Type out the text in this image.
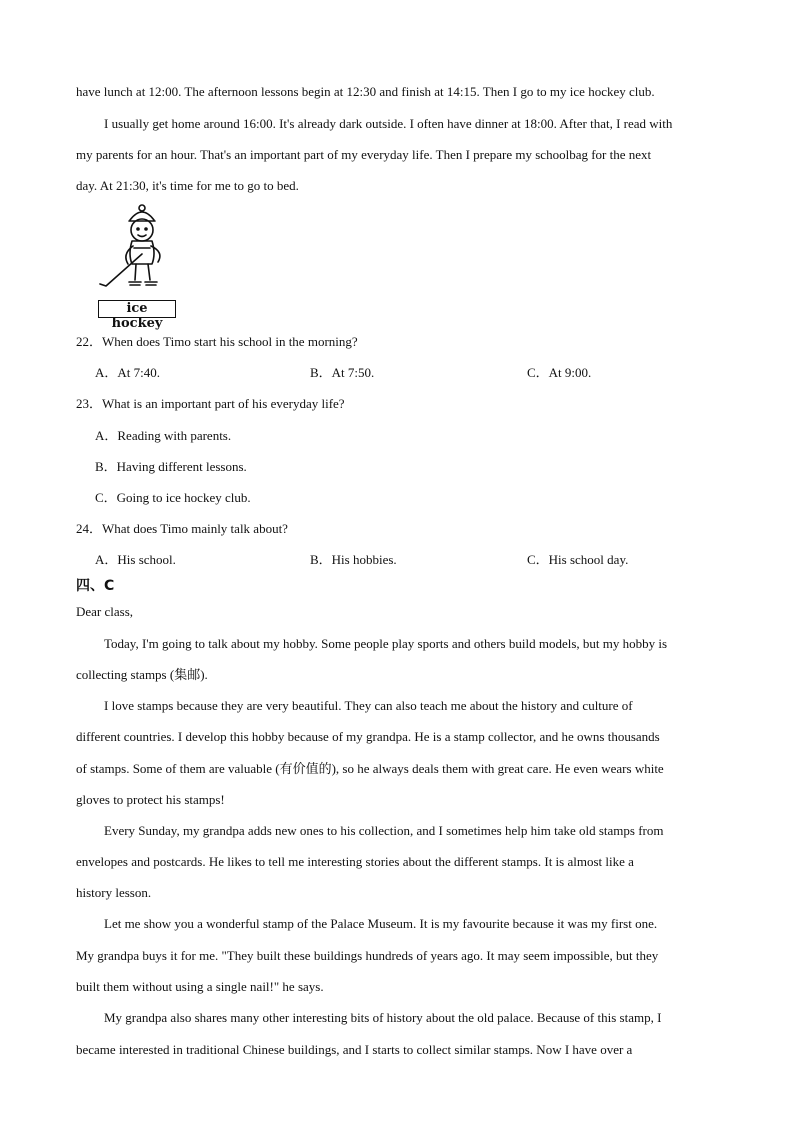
have lunch at 12:00. The afternoon lessons begin at 12:30 and finish at 14:15. Then I go to my ice hockey club.
I usually get home around 16:00. It's already dark outside. I often have dinner at 18:00. After that, I read with
my parents for an hour. That's an important part of my everyday life. Then I prepare my schoolbag for the next
day. At 21:30, it's time for me to go to bed.
ice hockey
22．When does Timo start his school in the morning?
A．At 7:40.	B．At 7:50.	C．At 9:00.
23．What is an important part of his everyday life?
A．Reading with parents.
B．Having different lessons.
C．Going to ice hockey club.
24．What does Timo mainly talk about?
A．His school.	B．His hobbies.	C．His school day.
四、C
Dear class,
Today, I'm going to talk about my hobby. Some people play sports and others build models, but my hobby is
collecting stamps (集邮).
I love stamps because they are very beautiful. They can also teach me about the history and culture of
different countries. I develop this hobby because of my grandpa. He is a stamp collector, and he owns thousands
of stamps. Some of them are valuable (有价值的), so he always deals them with great care. He even wears white
gloves to protect his stamps!
Every Sunday, my grandpa adds new ones to his collection, and I sometimes help him take old stamps from
envelopes and postcards. He likes to tell me interesting stories about the different stamps. It is almost like a
history lesson.
Let me show you a wonderful stamp of the Palace Museum. It is my favourite because it was my first one.
My grandpa buys it for me. "They built these buildings hundreds of years ago. It may seem impossible, but they
built them without using a single nail!" he says.
My grandpa also shares many other interesting bits of history about the old palace. Because of this stamp, I
became interested in traditional Chinese buildings, and I starts to collect similar stamps. Now I have over a
